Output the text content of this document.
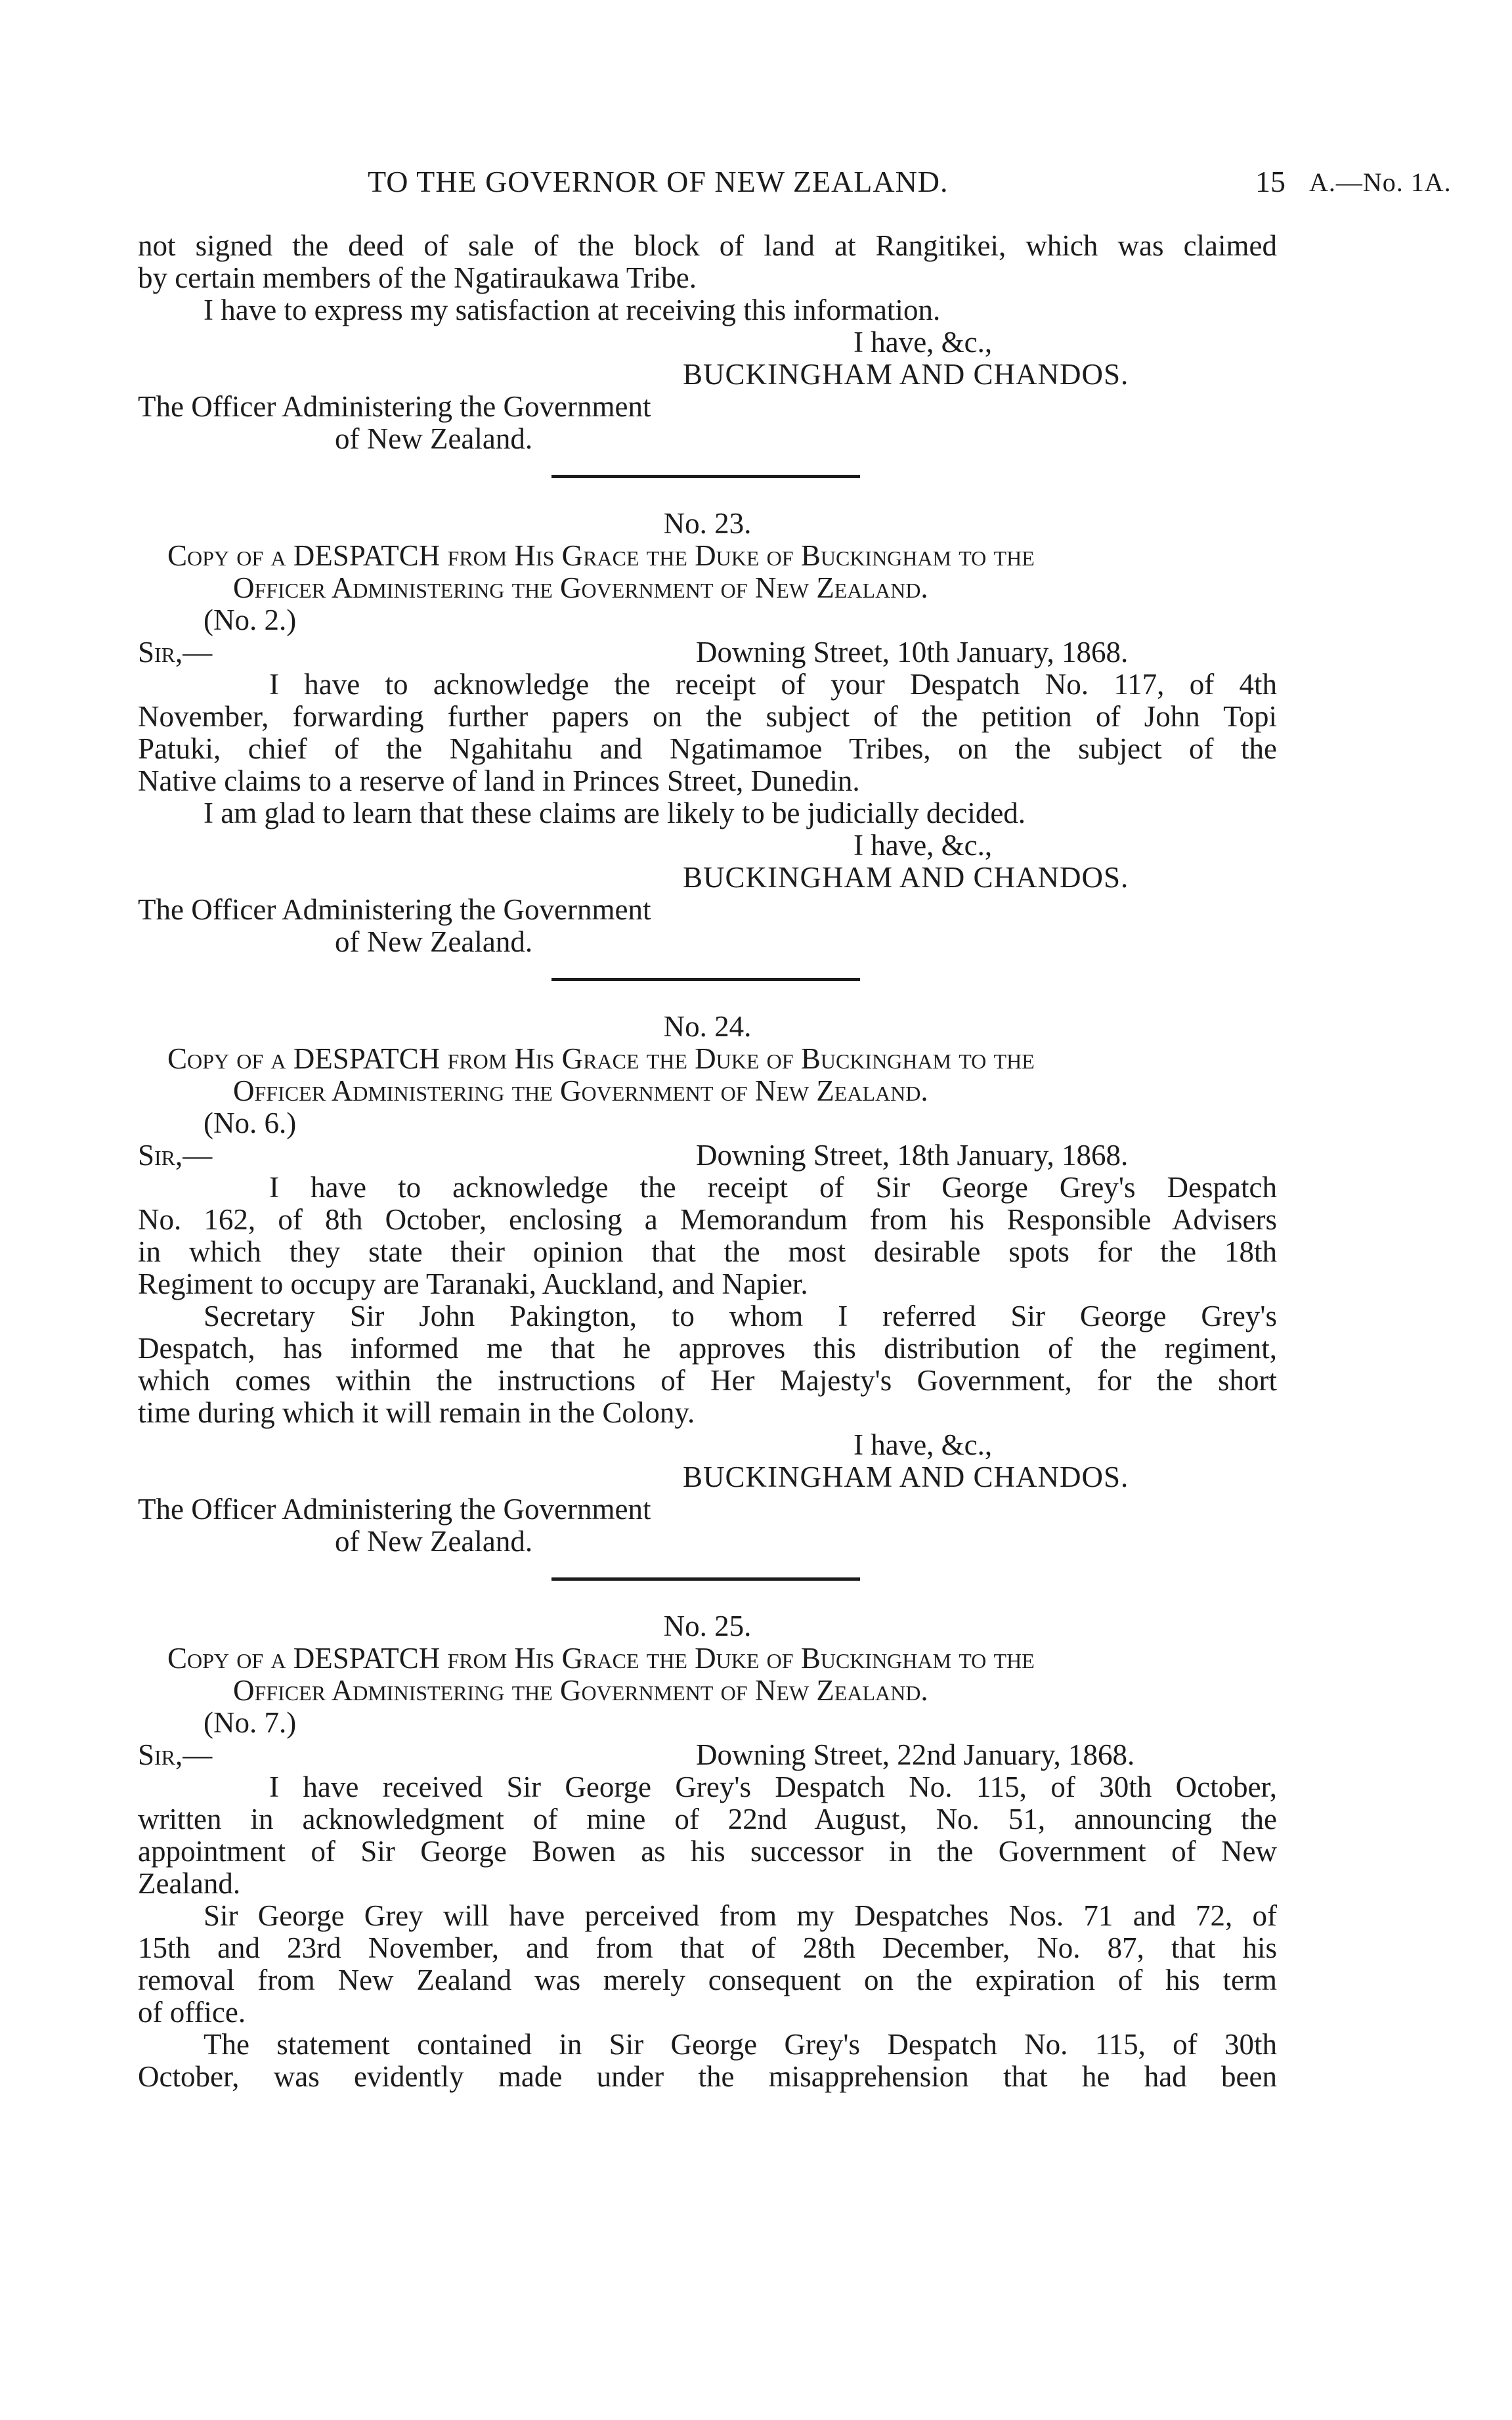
TO THE GOVERNOR OF NEW ZEALAND.	15 A.—No. 1A.

not signed the deed of sale of the block of land at Rangitikei, which was claimed

by certain members of the Ngatiraukawa Tribe.

I have to express my satisfaction at receiving this information.

I have, &c.,

BUCKINGHAM AND CHANDOS.

The Officer Administering the Government

of New Zealand.

No. 23.

Copy of a DESPATCH from His Grace the Duke of Buckingham to the

Officer Administering the Government of New Zealand.

(No. 2.)

Sir,—	Downing Street, 10th January, 1868.

I have to acknowledge the receipt of your Despatch No. 117, of 4th

November, forwarding further papers on the subject of the petition of John Topi

Patuki, chief of the Ngahitahu and Ngatimamoe Tribes, on the subject of the

Native claims to a reserve of land in Princes Street, Dunedin.

I am glad to learn that these claims are likely to be judicially decided.

I have, &c.,

BUCKINGHAM AND CHANDOS.

The Officer Administering the Government

of New Zealand.

No. 24.

Copy of a DESPATCH from His Grace the Duke of Buckingham to the

Officer Administering the Government of New Zealand.

(No. 6.)

Sir,—	Downing Street, 18th January, 1868.

I have to acknowledge the receipt of Sir George Grey's Despatch

No. 162, of 8th October, enclosing a Memorandum from his Responsible Advisers

in which they state their opinion that the most desirable spots for the 18th

Regiment to occupy are Taranaki, Auckland, and Napier.

Secretary Sir John Pakington, to whom I referred Sir George Grey's

Despatch, has informed me that he approves this distribution of the regiment,

which comes within the instructions of Her Majesty's Government, for the short

time during which it will remain in the Colony.

I have, &c.,

BUCKINGHAM AND CHANDOS.

The Officer Administering the Government

of New Zealand.

No. 25.

Copy of a DESPATCH from His Grace the Duke of Buckingham to the

Officer Administering the Government of New Zealand.

(No. 7.)

Sir,—	Downing Street, 22nd January, 1868.

I have received Sir George Grey's Despatch No. 115, of 30th October,

written in acknowledgment of mine of 22nd August, No. 51, announcing the

appointment of Sir George Bowen as his successor in the Government of New

Zealand.

Sir George Grey will have perceived from my Despatches Nos. 71 and 72, of

15th and 23rd November, and from that of 28th December, No. 87, that his

removal from New Zealand was merely consequent on the expiration of his term

of office.

The statement contained in Sir George Grey's Despatch No. 115, of 30th

October, was evidently made under the misapprehension that he had been
